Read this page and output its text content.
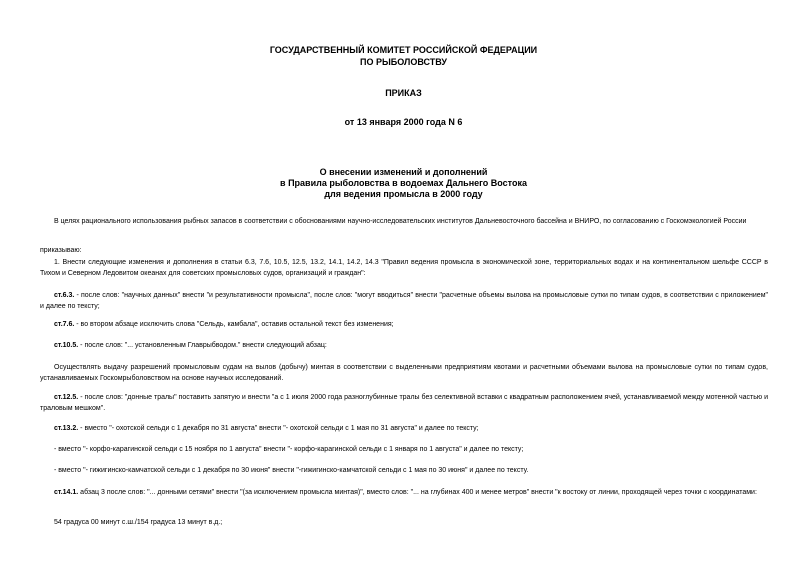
ГОСУДАРСТВЕННЫЙ КОМИТЕТ РОССИЙСКОЙ ФЕДЕРАЦИИ
ПО РЫБОЛОВСТВУ
ПРИКАЗ
от 13 января 2000 года N 6
О внесении изменений и дополнений
в Правила рыболовства в водоемах Дальнего Востока
для ведения промысла в 2000 году
В целях рационального использования рыбных запасов в соответствии с обоснованиями научно-исследовательских институтов Дальневосточного бассейна и ВНИРО, по согласованию с Госкомэкологией России
приказываю:
1. Внести следующие изменения и дополнения в статьи 6.3, 7.6, 10.5, 12.5, 13.2, 14.1, 14.2, 14.3 "Правил ведения промысла в экономической зоне, территориальных водах и на континентальном шельфе СССР в Тихом и Северном Ледовитом океанах для советских промысловых судов, организаций и граждан":
ст.6.3. - после слов: "научных данных" внести "и результативности промысла", после слов: "могут вводиться" внести "расчетные объемы вылова на промысловые сутки по типам судов, в соответствии с приложением" и далее по тексту;
ст.7.6. - во втором абзаце исключить слова "Сельдь, камбала", оставив остальной текст без изменения;
ст.10.5. - после слов: "... установленным Главрыбводом." внести следующий абзац:
Осуществлять выдачу разрешений промысловым судам на вылов (добычу) минтая в соответствии с выделенными предприятиям квотами и расчетными объемами вылова на промысловые сутки по типам судов, устанавливаемых Госкомрыболовством на основе научных исследований.
ст.12.5. - после слов: "донные тралы" поставить запятую и внести "а с 1 июля 2000 года разноглубинные тралы без селективной вставки с квадратным расположением ячей, устанавливаемой между мотенной частью и траловым мешком".
ст.13.2. - вместо "- охотской сельди с 1 декабря по 31 августа" внести "- охотской сельди с 1 мая по 31 августа" и далее по тексту;
- вместо "- корфо-карагинской сельди с 15 ноября по 1 августа" внести "- корфо-карагинской сельди с 1 января по 1 августа" и далее по тексту;
- вместо "- гижигинско-камчатской сельди с 1 декабря по 30 июня" внести "-гижигинско-камчатской сельди с 1 мая по 30 июня" и далее по тексту.
ст.14.1. абзац 3 после слов: "... донными сетями" внести "(за исключением промысла минтая)", вместо слов: "... на глубинах 400 и менее метров" внести "к востоку от линии, проходящей через точки с координатами:
54 градуса 00 минут с.ш./154 градуса 13 минут в.д.;
